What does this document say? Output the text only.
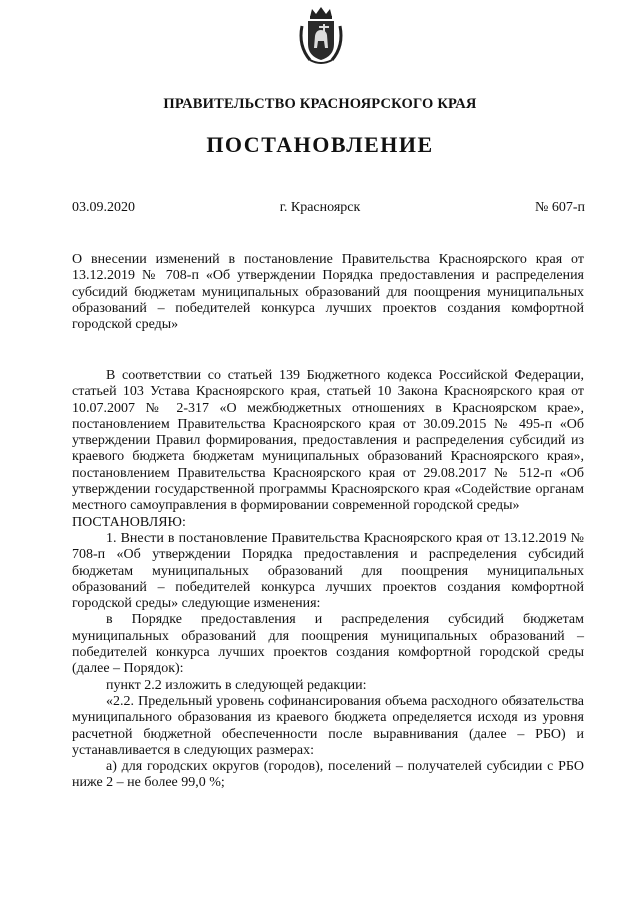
ПРАВИТЕЛЬСТВО КРАСНОЯРСКОГО КРАЯ
ПОСТАНОВЛЕНИЕ
03.09.2020	г. Красноярск	№ 607-п
О внесении изменений в постановление Правительства Красноярского края от 13.12.2019 № 708-п «Об утверждении Порядка предоставления и распределения субсидий бюджетам муниципальных образований для поощрения муниципальных образований – победителей конкурса лучших проектов создания комфортной городской среды»

В соответствии со статьей 139 Бюджетного кодекса Российской Федерации, статьей 103 Устава Красноярского края, статьей 10 Закона Красноярского края от 10.07.2007 № 2-317 «О межбюджетных отношениях в Красноярском крае», постановлением Правительства Красноярского края от 30.09.2015 № 495-п «Об утверждении Правил формирования, предоставления и распределения субсидий из краевого бюджета бюджетам муниципальных образований Красноярского края», постановлением Правительства Красноярского края от 29.08.2017 № 512-п «Об утверждении государственной программы Красноярского края «Содействие органам местного самоуправления в формировании современной городской среды»

ПОСТАНОВЛЯЮ:

1. Внести в постановление Правительства Красноярского края от 13.12.2019 № 708-п «Об утверждении Порядка предоставления и распределения субсидий бюджетам муниципальных образований для поощрения муниципальных образований – победителей конкурса лучших проектов создания комфортной городской среды» следующие изменения:

в Порядке предоставления и распределения субсидий бюджетам муниципальных образований для поощрения муниципальных образований – победителей конкурса лучших проектов создания комфортной городской среды (далее – Порядок):

пункт 2.2 изложить в следующей редакции:

«2.2. Предельный уровень софинансирования объема расходного обязательства муниципального образования из краевого бюджета определяется исходя из уровня расчетной бюджетной обеспеченности после выравнивания (далее – РБО) и устанавливается в следующих размерах:

а) для городских округов (городов), поселений – получателей субсидии с РБО ниже 2 – не более 99,0 %;
